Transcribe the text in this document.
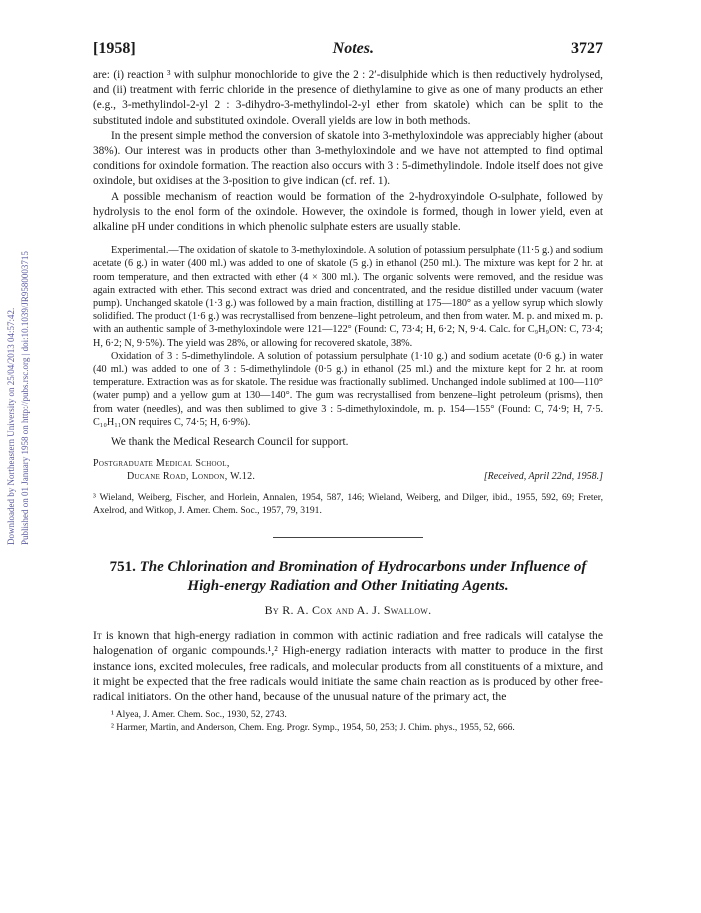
Downloaded by Northeastern University on 25/04/2013 04:57:42. Published on 01 January 1958 on http://pubs.rsc.org | doi:10.1039/JR9580003715
[1958]	Notes.	3727

are: (i) reaction ³ with sulphur monochloride to give the 2 : 2′-disulphide which is then reductively hydrolysed, and (ii) treatment with ferric chloride in the presence of diethylamine to give as one of many products an ether (e.g., 3-methylindol-2-yl 2 : 3-dihydro-3-methylindol-2-yl ether from skatole) which can be split to the substituted indole and substituted oxindole. Overall yields are low in both methods.

In the present simple method the conversion of skatole into 3-methyloxindole was appreciably higher (about 38%). Our interest was in products other than 3-methyloxindole and we have not attempted to find optimal conditions for oxindole formation. The reaction also occurs with 3 : 5-dimethylindole. Indole itself does not give oxindole, but oxidises at the 3-position to give indican (cf. ref. 1).

A possible mechanism of reaction would be formation of the 2-hydroxyindole O-sulphate, followed by hydrolysis to the enol form of the oxindole. However, the oxindole is formed, though in lower yield, even at alkaline pH under conditions in which phenolic sulphate esters are usually stable.

Experimental.—The oxidation of skatole to 3-methyloxindole. A solution of potassium persulphate (11·5 g.) and sodium acetate (6 g.) in water (400 ml.) was added to one of skatole (5 g.) in ethanol (250 ml.). The mixture was kept for 2 hr. at room temperature, and then extracted with ether (4 × 300 ml.). The organic solvents were removed, and the residue was again extracted with ether. This second extract was dried and concentrated, and the residue distilled under vacuum (water pump). Unchanged skatole (1·3 g.) was followed by a main fraction, distilling at 175—180° as a yellow syrup which slowly solidified. The product (1·6 g.) was recrystallised from benzene–light petroleum, and then from water. M. p. and mixed m. p. with an authentic sample of 3-methyloxindole were 121—122° (Found: C, 73·4; H, 6·2; N, 9·4. Calc. for C₉H₉ON: C, 73·4; H, 6·2; N, 9·5%). The yield was 28%, or allowing for recovered skatole, 38%.

Oxidation of 3 : 5-dimethylindole. A solution of potassium persulphate (1·10 g.) and sodium acetate (0·6 g.) in water (40 ml.) was added to one of 3 : 5-dimethylindole (0·5 g.) in ethanol (25 ml.) and the mixture kept for 2 hr. at room temperature. Extraction was as for skatole. The residue was fractionally sublimed. Unchanged indole sublimed at 100—110° (water pump) and a yellow gum at 130—140°. The gum was recrystallised from benzene–light petroleum (prisms), then from water (needles), and was then sublimed to give 3 : 5-dimethyloxindole, m. p. 154—155° (Found: C, 74·9; H, 7·5. C₁₀H₁₁ON requires C, 74·5; H, 6·9%).

We thank the Medical Research Council for support.

Postgraduate Medical School,
Ducane Road, London, W.12.	[Received, April 22nd, 1958.]
³ Wieland, Weiberg, Fischer, and Horlein, Annalen, 1954, 587, 146; Wieland, Weiberg, and Dilger, ibid., 1955, 592, 69; Freter, Axelrod, and Witkop, J. Amer. Chem. Soc., 1957, 79, 3191.
751. The Chlorination and Bromination of Hydrocarbons under Influence of High-energy Radiation and Other Initiating Agents.
By R. A. Cox and A. J. Swallow.

It is known that high-energy radiation in common with actinic radiation and free radicals will catalyse the halogenation of organic compounds.¹,² High-energy radiation interacts with matter to produce in the first instance ions, excited molecules, free radicals, and molecular products from all constituents of a mixture, and it might be expected that the free radicals would initiate the same chain reaction as is produced by other free-radical initiators. On the other hand, because of the unusual nature of the primary act, the

¹ Alyea, J. Amer. Chem. Soc., 1930, 52, 2743.
² Harmer, Martin, and Anderson, Chem. Eng. Progr. Symp., 1954, 50, 253; J. Chim. phys., 1955, 52, 666.
